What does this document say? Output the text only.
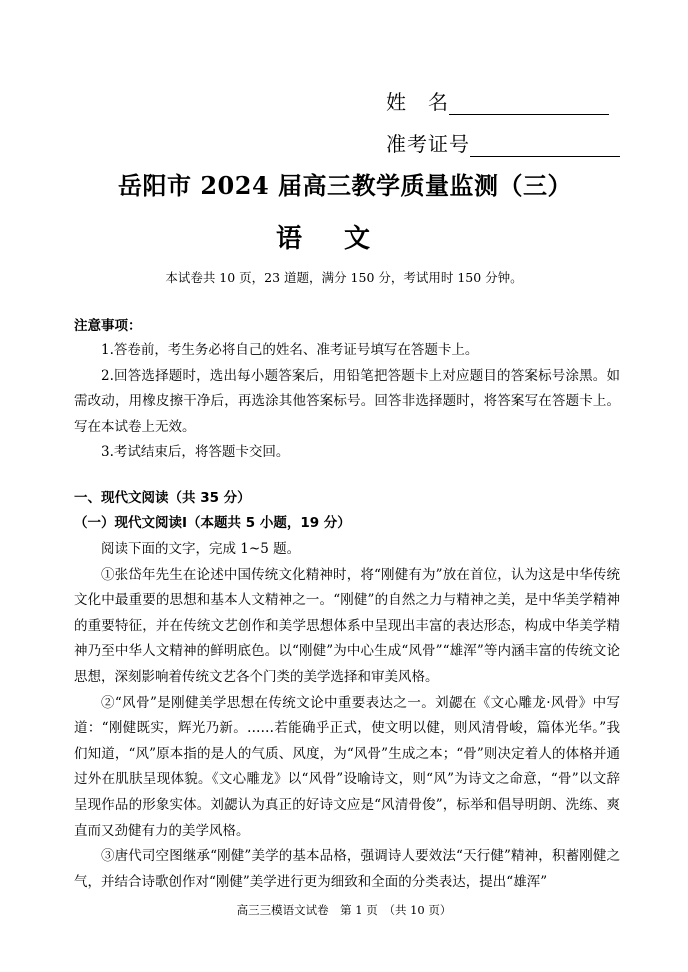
姓　名
准考证号
岳阳市 2024 届高三教学质量监测（三）
语文
本试卷共 10 页，23 道题，满分 150 分，考试用时 150 分钟。
注意事项：

1.答卷前，考生务必将自己的姓名、准考证号填写在答题卡上。

2.回答选择题时，选出每小题答案后，用铅笔把答题卡上对应题目的答案标号涂黑。如需改动，用橡皮擦干净后，再选涂其他答案标号。回答非选择题时，将答案写在答题卡上。写在本试卷上无效。

3.考试结束后，将答题卡交回。

一、现代文阅读（共 35 分）
（一）现代文阅读Ⅰ（本题共 5 小题，19 分）

阅读下面的文字，完成 1~5 题。

①张岱年先生在论述中国传统文化精神时，将“刚健有为”放在首位，认为这是中华传统文化中最重要的思想和基本人文精神之一。“刚健”的自然之力与精神之美，是中华美学精神的重要特征，并在传统文艺创作和美学思想体系中呈现出丰富的表达形态，构成中华美学精神乃至中华人文精神的鲜明底色。以“刚健”为中心生成“风骨”“雄浑”等内涵丰富的传统文论思想，深刻影响着传统文艺各个门类的美学选择和审美风格。

②“风骨”是刚健美学思想在传统文论中重要表达之一。刘勰在《文心雕龙·风骨》中写道：“刚健既实，辉光乃新。……若能确乎正式，使文明以健，则风清骨峻，篇体光华。”我们知道，“风”原本指的是人的气质、风度，为“风骨”生成之本；“骨”则决定着人的体格并通过外在肌肤呈现体貌。《文心雕龙》以“风骨”设喻诗文，则“风”为诗文之命意，“骨”以文辞呈现作品的形象实体。刘勰认为真正的好诗文应是“风清骨俊”，标举和倡导明朗、洗练、爽直而又劲健有力的美学风格。

③唐代司空图继承“刚健”美学的基本品格，强调诗人要效法“天行健”精神，积蓄刚健之气，并结合诗歌创作对“刚健”美学进行更为细致和全面的分类表达，提出“雄浑”

高三三模语文试卷　第 1 页　（共 10 页）
